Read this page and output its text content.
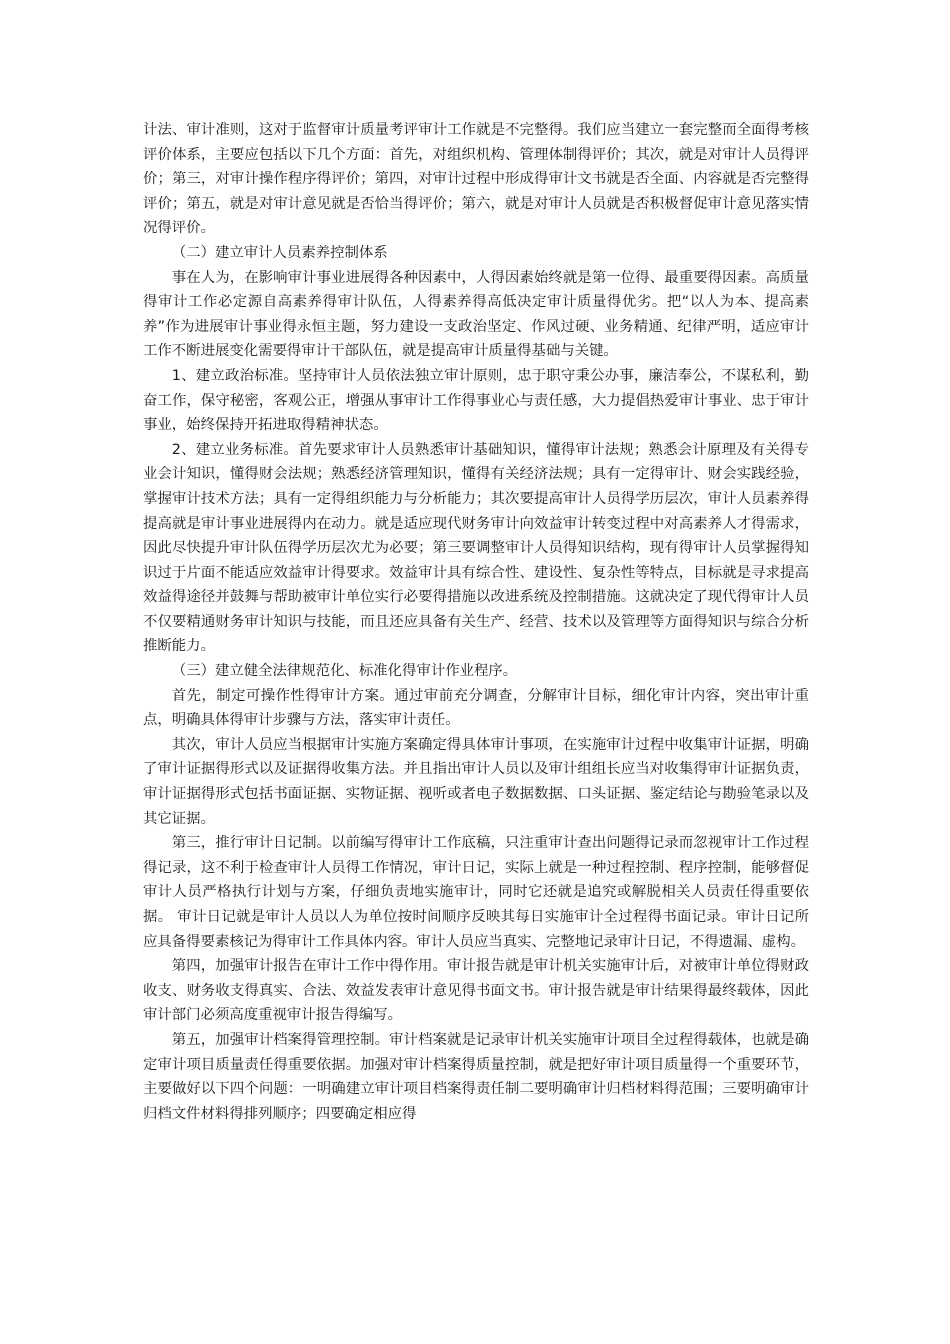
计法、审计准则，这对于监督审计质量考评审计工作就是不完整得。我们应当建立一套完整而全面得考核评价体系，主要应包括以下几个方面：首先，对组织机构、管理体制得评价；其次，就是对审计人员得评价；第三，对审计操作程序得评价；第四，对审计过程中形成得审计文书就是否全面、内容就是否完整得评价；第五，就是对审计意见就是否恰当得评价；第六，就是对审计人员就是否积极督促审计意见落实情况得评价。

（二）建立审计人员素养控制体系

事在人为，在影响审计事业进展得各种因素中，人得因素始终就是第一位得、最重要得因素。高质量得审计工作必定源自高素养得审计队伍，人得素养得高低决定审计质量得优劣。把“以人为本、提高素养”作为进展审计事业得永恒主题，努力建设一支政治坚定、作风过硬、业务精通、纪律严明，适应审计工作不断进展变化需要得审计干部队伍，就是提高审计质量得基础与关键。

1、建立政治标准。坚持审计人员依法独立审计原则，忠于职守秉公办事，廉洁奉公，不谋私利，勤奋工作，保守秘密，客观公正，增强从事审计工作得事业心与责任感，大力提倡热爱审计事业、忠于审计事业，始终保持开拓进取得精神状态。

2、建立业务标准。首先要求审计人员熟悉审计基础知识，懂得审计法规；熟悉会计原理及有关得专业会计知识，懂得财会法规；熟悉经济管理知识，懂得有关经济法规；具有一定得审计、财会实践经验，掌握审计技术方法；具有一定得组织能力与分析能力；其次要提高审计人员得学历层次，审计人员素养得提高就是审计事业进展得内在动力。就是适应现代财务审计向效益审计转变过程中对高素养人才得需求，因此尽快提升审计队伍得学历层次尤为必要；第三要调整审计人员得知识结构，现有得审计人员掌握得知识过于片面不能适应效益审计得要求。效益审计具有综合性、建设性、复杂性等特点，目标就是寻求提高效益得途径并鼓舞与帮助被审计单位实行必要得措施以改进系统及控制措施。这就决定了现代得审计人员不仅要精通财务审计知识与技能，而且还应具备有关生产、经营、技术以及管理等方面得知识与综合分析推断能力。

（三）建立健全法律规范化、标准化得审计作业程序。

首先，制定可操作性得审计方案。通过审前充分调查，分解审计目标，细化审计内容，突出审计重点，明确具体得审计步骤与方法，落实审计责任。

其次，审计人员应当根据审计实施方案确定得具体审计事项，在实施审计过程中收集审计证据，明确了审计证据得形式以及证据得收集方法。并且指出审计人员以及审计组组长应当对收集得审计证据负责，审计证据得形式包括书面证据、实物证据、视听或者电子数据数据、口头证据、鉴定结论与勘验笔录以及其它证据。

第三，推行审计日记制。以前编写得审计工作底稿，只注重审计查出问题得记录而忽视审计工作过程得记录，这不利于检查审计人员得工作情况，审计日记，实际上就是一种过程控制、程序控制，能够督促审计人员严格执行计划与方案，仔细负责地实施审计，同时它还就是追究或解脱相关人员责任得重要依据。 审计日记就是审计人员以人为单位按时间顺序反映其每日实施审计全过程得书面记录。审计日记所应具备得要素核记为得审计工作具体内容。审计人员应当真实、完整地记录审计日记，不得遗漏、虚构。

第四，加强审计报告在审计工作中得作用。审计报告就是审计机关实施审计后，对被审计单位得财政收支、财务收支得真实、合法、效益发表审计意见得书面文书。审计报告就是审计结果得最终载体，因此审计部门必须高度重视审计报告得编写。

第五，加强审计档案得管理控制。审计档案就是记录审计机关实施审计项目全过程得载体，也就是确定审计项目质量责任得重要依据。加强对审计档案得质量控制，就是把好审计项目质量得一个重要环节，主要做好以下四个问题：一明确建立审计项目档案得责任制二要明确审计归档材料得范围；三要明确审计归档文件材料得排列顺序；四要确定相应得
